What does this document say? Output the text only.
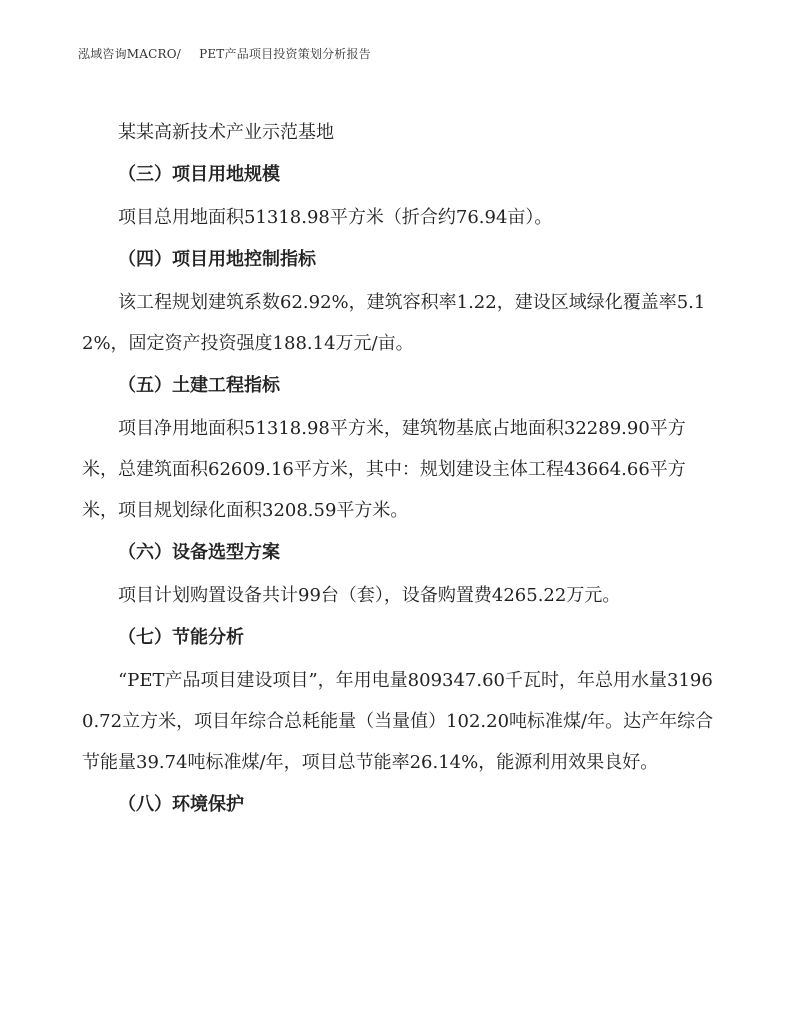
泓域咨询MACRO/ PET产品项目投资策划分析报告

某某高新技术产业示范基地

（三）项目用地规模

项目总用地面积51318.98平方米（折合约76.94亩）。

（四）项目用地控制指标

该工程规划建筑系数62.92%，建筑容积率1.22，建设区域绿化覆盖率5.12%，固定资产投资强度188.14万元/亩。

（五）土建工程指标

项目净用地面积51318.98平方米，建筑物基底占地面积32289.90平方米，总建筑面积62609.16平方米，其中：规划建设主体工程43664.66平方米，项目规划绿化面积3208.59平方米。

（六）设备选型方案

项目计划购置设备共计99台（套），设备购置费4265.22万元。

（七）节能分析

“PET产品项目建设项目”，年用电量809347.60千瓦时，年总用水量31960.72立方米，项目年综合总耗能量（当量值）102.20吨标准煤/年。达产年综合节能量39.74吨标准煤/年，项目总节能率26.14%，能源利用效果良好。

（八）环境保护
